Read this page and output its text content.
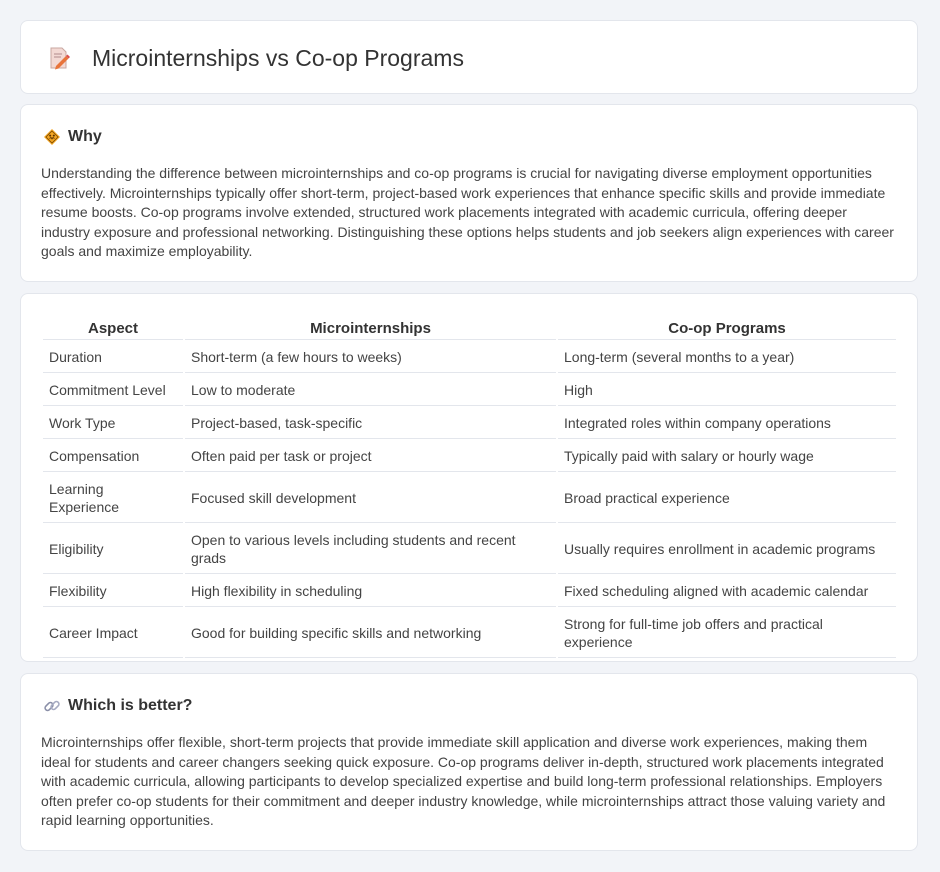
Microinternships vs Co-op Programs
Why

Understanding the difference between microinternships and co-op programs is crucial for navigating diverse employment opportunities effectively. Microinternships typically offer short-term, project-based work experiences that enhance specific skills and provide immediate resume boosts. Co-op programs involve extended, structured work placements integrated with academic curricula, offering deeper industry exposure and professional networking. Distinguishing these options helps students and job seekers align experiences with career goals and maximize employability.

Aspect	Microinternships	Co-op Programs
Duration	Short-term (a few hours to weeks)	Long-term (several months to a year)
Commitment Level	Low to moderate	High
Work Type	Project-based, task-specific	Integrated roles within company operations
Compensation	Often paid per task or project	Typically paid with salary or hourly wage
Learning Experience	Focused skill development	Broad practical experience
Eligibility	Open to various levels including students and recent grads	Usually requires enrollment in academic programs
Flexibility	High flexibility in scheduling	Fixed scheduling aligned with academic calendar
Career Impact	Good for building specific skills and networking	Strong for full-time job offers and practical experience
Which is better?

Microinternships offer flexible, short-term projects that provide immediate skill application and diverse work experiences, making them ideal for students and career changers seeking quick exposure. Co-op programs deliver in-depth, structured work placements integrated with academic curricula, allowing participants to develop specialized expertise and build long-term professional relationships. Employers often prefer co-op students for their commitment and deeper industry knowledge, while microinternships attract those valuing variety and rapid learning opportunities.
